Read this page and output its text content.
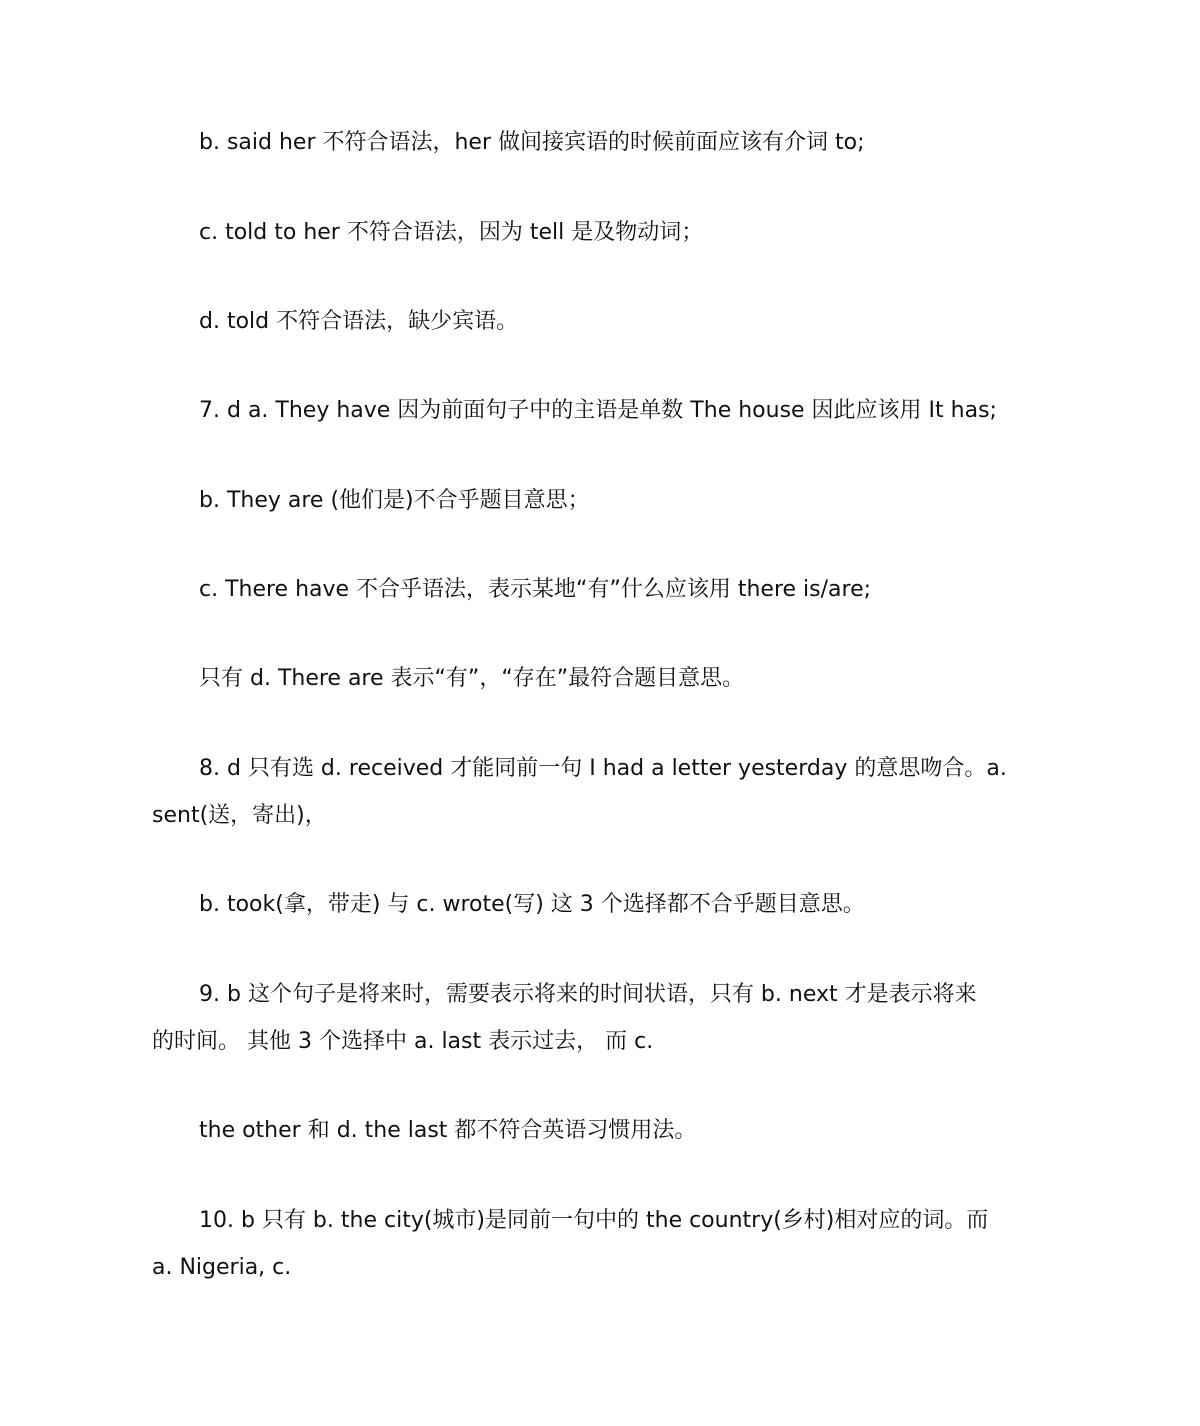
b. said her 不符合语法，her 做间接宾语的时候前面应该有介词 to;
c. told to her 不符合语法，因为 tell 是及物动词；
d. told 不符合语法，缺少宾语。
7. d a. They have 因为前面句子中的主语是单数 The house 因此应该用 It has;
b. They are (他们是)不合乎题目意思；
c. There have 不合乎语法，表示某地“有”什么应该用 there is/are;
只有 d. There are 表示“有”，“存在”最符合题目意思。
8. d 只有选 d. received 才能同前一句 I had a letter yesterday 的意思吻合。a.
sent(送，寄出)，
b. took(拿，带走) 与 c. wrote(写) 这 3 个选择都不合乎题目意思。
9. b 这个句子是将来时，需要表示将来的时间状语，只有 b. next 才是表示将来
的时间。 其他 3 个选择中 a. last 表示过去， 而 c.
the other 和 d. the last 都不符合英语习惯用法。
10. b 只有 b. the city(城市)是同前一句中的 the country(乡村)相对应的词。而
a. Nigeria, c.
